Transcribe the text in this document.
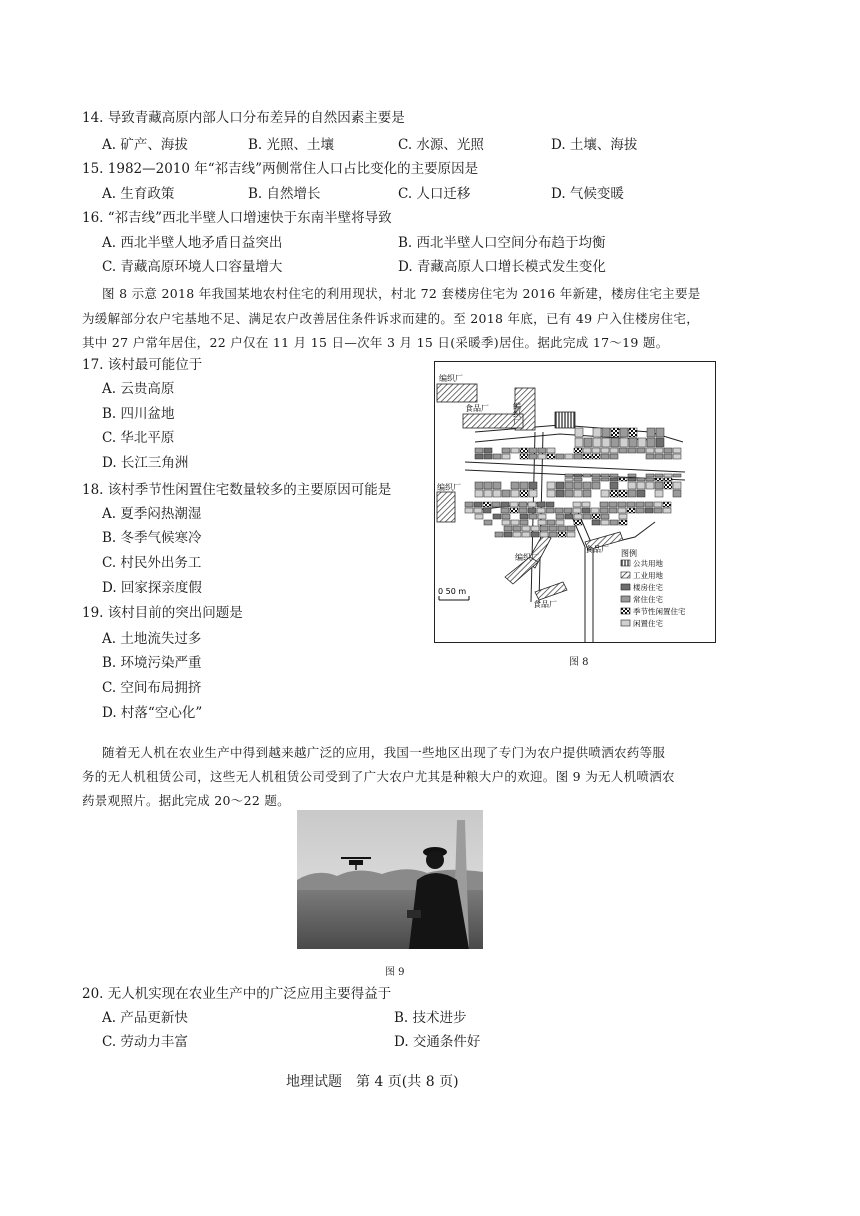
14. 导致青藏高原内部人口分布差异的自然因素主要是
A. 矿产、海拔	B. 光照、土壤	C. 水源、光照	D. 土壤、海拔
15. 1982—2010 年“祁吉线”两侧常住人口占比变化的主要原因是
A. 生育政策	B. 自然增长	C. 人口迁移	D. 气候变暖
16. “祁吉线”西北半壁人口增速快于东南半壁将导致
A. 西北半壁人地矛盾日益突出	B. 西北半壁人口空间分布趋于均衡
C. 青藏高原环境人口容量增大	D. 青藏高原人口增长模式发生变化
图 8 示意 2018 年我国某地农村住宅的利用现状，村北 72 套楼房住宅为 2016 年新建，楼房住宅主要是
为缓解部分农户宅基地不足、满足农户改善居住条件诉求而建的。至 2018 年底，已有 49 户入住楼房住宅，
其中 27 户常年居住，22 户仅在 11 月 15 日—次年 3 月 15 日(采暖季)居住。据此完成 17～19 题。
17. 该村最可能位于
A. 云贵高原
B. 四川盆地
C. 华北平原
D. 长江三角洲
18. 该村季节性闲置住宅数量较多的主要原因可能是
A. 夏季闷热潮湿
B. 冬季气候寒冷
C. 村民外出务工
D. 回家探亲度假
19. 该村目前的突出问题是
A. 土地流失过多
B. 环境污染严重
C. 空间布局拥挤
D. 村落“空心化”
编织厂
编织厂
食品厂
编织厂
编织厂
食品厂
食品厂
0 50 m
图例
公共用地
工业用地
楼房住宅
常住住宅
季节性闲置住宅
闲置住宅
图 8
随着无人机在农业生产中得到越来越广泛的应用，我国一些地区出现了专门为农户提供喷洒农药等服
务的无人机租赁公司，这些无人机租赁公司受到了广大农户尤其是种粮大户的欢迎。图 9 为无人机喷洒农
药景观照片。据此完成 20～22 题。
图 9
20. 无人机实现在农业生产中的广泛应用主要得益于
A. 产品更新快	B. 技术进步
C. 劳动力丰富	D. 交通条件好
地理试题　第 4 页(共 8 页)
